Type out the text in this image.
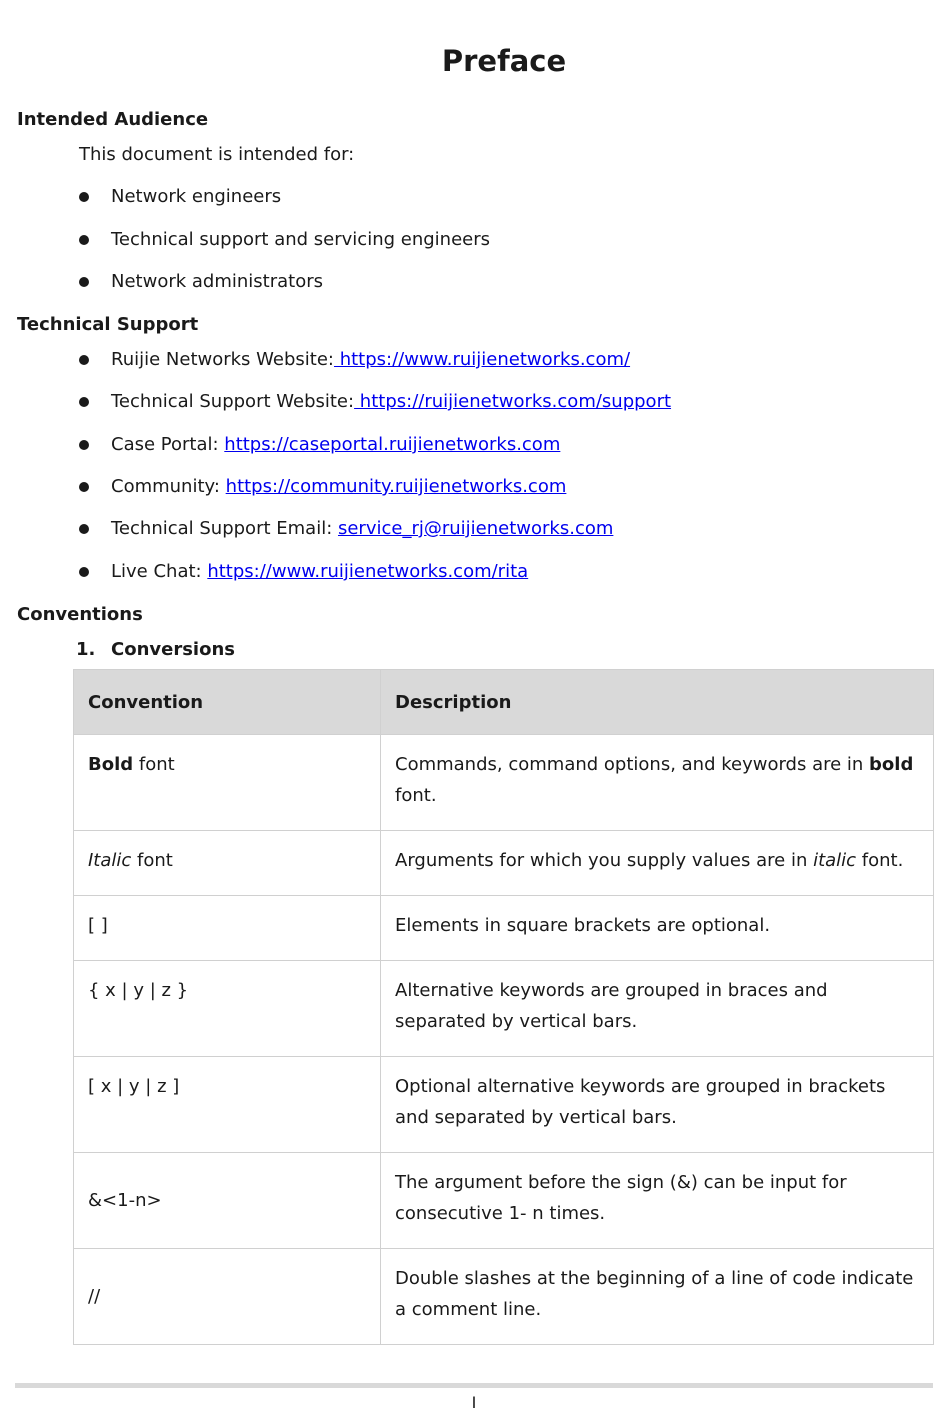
Preface
Intended Audience

This document is intended for:

Network engineers
Technical support and servicing engineers
Network administrators
Technical Support
Ruijie Networks Website: https://www.ruijienetworks.com/
Technical Support Website: https://ruijienetworks.com/support
Case Portal: https://caseportal.ruijienetworks.com
Community: https://community.ruijienetworks.com
Technical Support Email: service_rj@ruijienetworks.com
Live Chat: https://www.ruijienetworks.com/rita
Conventions
1. Conversions
Convention	Description
Bold font	Commands, command options, and keywords are in bold font.
Italic font	Arguments for which you supply values are in italic font.
[ ]	Elements in square brackets are optional.
{ x | y | z }	Alternative keywords are grouped in braces and separated by vertical bars.
[ x | y | z ]	Optional alternative keywords are grouped in brackets and separated by vertical bars.
&<1-n>	The argument before the sign (&) can be input for consecutive 1- n times.
//	Double slashes at the beginning of a line of code indicate a comment line.
I
